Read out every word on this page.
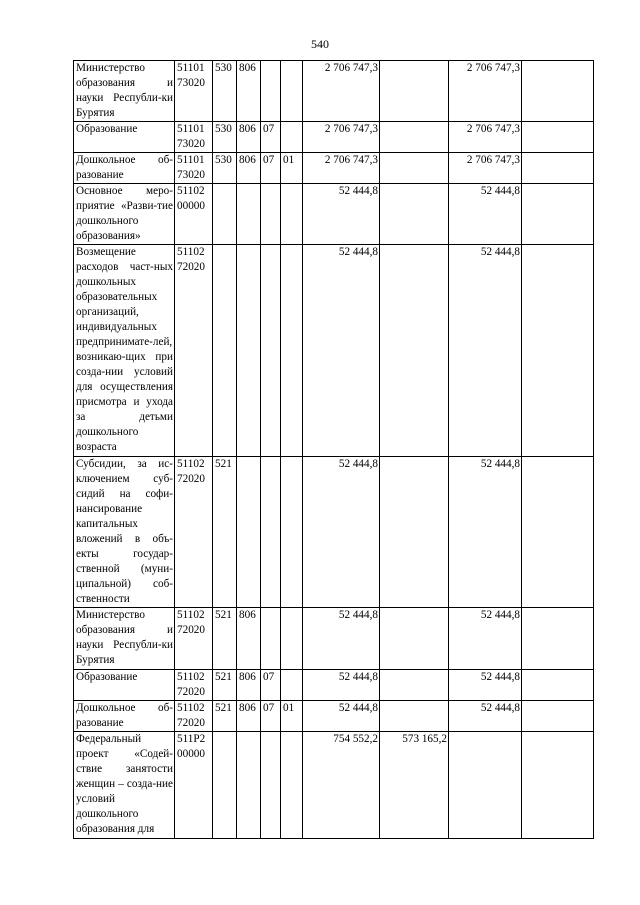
540
Министерство образования и науки Республи-ки Бурятия	51101 73020	530	806			2 706 747,3		2 706 747,3	
Образование	51101 73020	530	806	07		2 706 747,3		2 706 747,3	
Дошкольное об-разование	51101 73020	530	806	07	01	2 706 747,3		2 706 747,3	
Основное меро-приятие «Разви-тие дошкольного образования»	51102 00000					52 444,8		52 444,8	
Возмещение расходов част-ных дошкольных образовательных организаций, индивидуальных предпринимате-лей, возникаю-щих при созда-нии условий для осуществления присмотра и ухода за детьми дошкольного возраста	51102 72020					52 444,8		52 444,8	
Субсидии, за ис-ключением суб-сидий на софи-нансирование капитальных вложений в объ-екты государ-ственной (муни-ципальной) соб-ственности	51102 72020	521				52 444,8		52 444,8	
Министерство образования и науки Республи-ки Бурятия	51102 72020	521	806			52 444,8		52 444,8	
Образование	51102 72020	521	806	07		52 444,8		52 444,8	
Дошкольное об-разование	51102 72020	521	806	07	01	52 444,8		52 444,8	
Федеральный проект «Содей-ствие занятости женщин – созда-ние условий дошкольного образования для	511P2 00000					754 552,2	573 165,2		
